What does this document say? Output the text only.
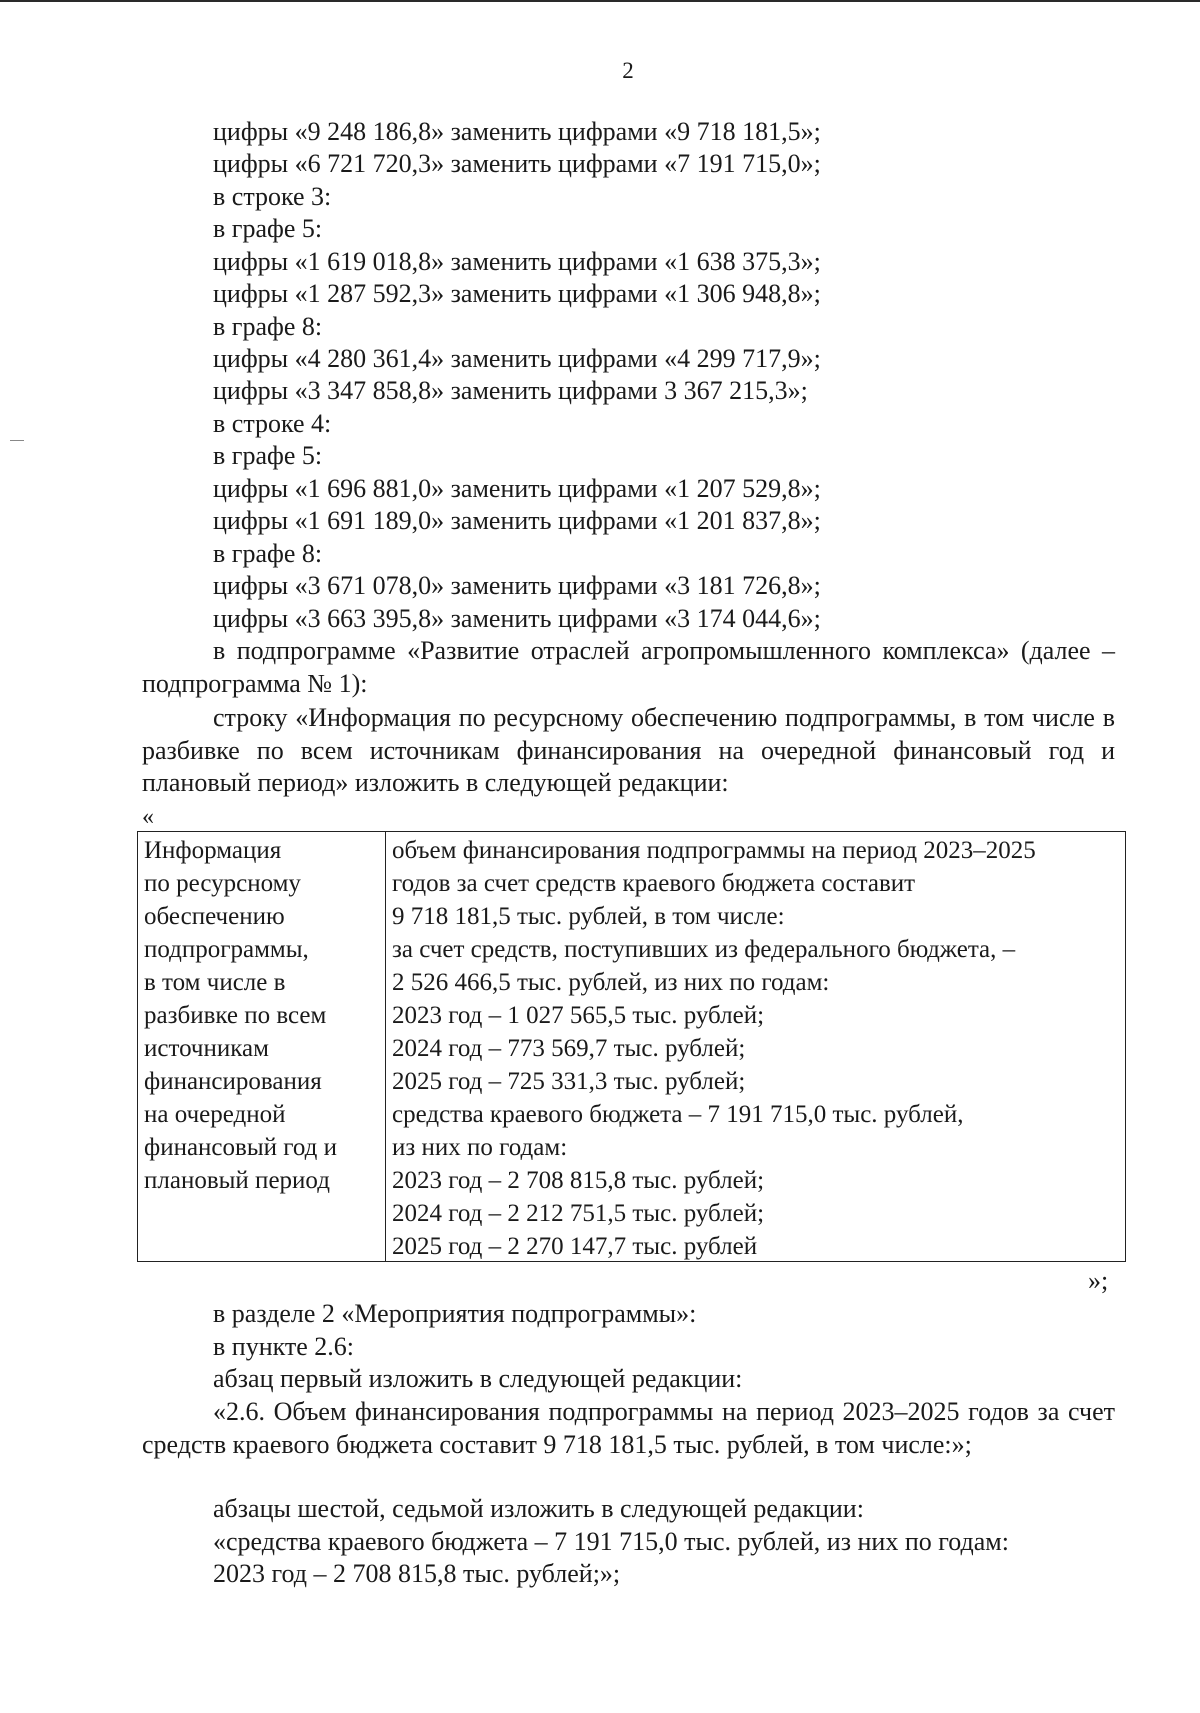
2
цифры «9 248 186,8» заменить цифрами «9 718 181,5»;
цифры «6 721 720,3» заменить цифрами «7 191 715,0»;
в строке 3:
в графе 5:
цифры «1 619 018,8» заменить цифрами «1 638 375,3»;
цифры «1 287 592,3» заменить цифрами «1 306 948,8»;
в графе 8:
цифры «4 280 361,4» заменить цифрами «4 299 717,9»;
цифры «3 347 858,8» заменить цифрами 3 367 215,3»;
в строке 4:
в графе 5:
цифры «1 696 881,0» заменить цифрами «1 207 529,8»;
цифры «1 691 189,0» заменить цифрами «1 201 837,8»;
в графе 8:
цифры «3 671 078,0» заменить цифрами «3 181 726,8»;
цифры «3 663 395,8» заменить цифрами «3 174 044,6»;
в подпрограмме «Развитие отраслей агропромышленного комплекса» (далее – подпрограмма № 1):
строку «Информация по ресурсному обеспечению подпрограммы, в том числе в разбивке по всем источникам финансирования на очередной финансовый год и плановый период» изложить в следующей редакции:
«
Информация
по ресурсному
обеспечению
подпрограммы,
в том числе в
разбивке по всем
источникам
финансирования
на очередной
финансовый год и
плановый период
объем финансирования подпрограммы на период 2023–2025
годов за счет средств краевого бюджета составит
9 718 181,5 тыс. рублей, в том числе:
за счет средств, поступивших из федерального бюджета, –
2 526 466,5 тыс. рублей, из них по годам:
2023 год – 1 027 565,5 тыс. рублей;
2024 год – 773 569,7 тыс. рублей;
2025 год – 725 331,3 тыс. рублей;
средства краевого бюджета – 7 191 715,0 тыс. рублей,
из них по годам:
2023 год – 2 708 815,8 тыс. рублей;
2024 год – 2 212 751,5 тыс. рублей;
2025 год – 2 270 147,7 тыс. рублей
»;
в разделе 2 «Мероприятия подпрограммы»:
в пункте 2.6:
абзац первый изложить в следующей редакции:
«2.6. Объем финансирования подпрограммы на период 2023–2025 годов за счет средств краевого бюджета составит 9 718 181,5 тыс. рублей, в том числе:»;
абзацы шестой, седьмой изложить в следующей редакции:
«средства краевого бюджета – 7 191 715,0 тыс. рублей, из них по годам:
2023 год – 2 708 815,8 тыс. рублей;»;
